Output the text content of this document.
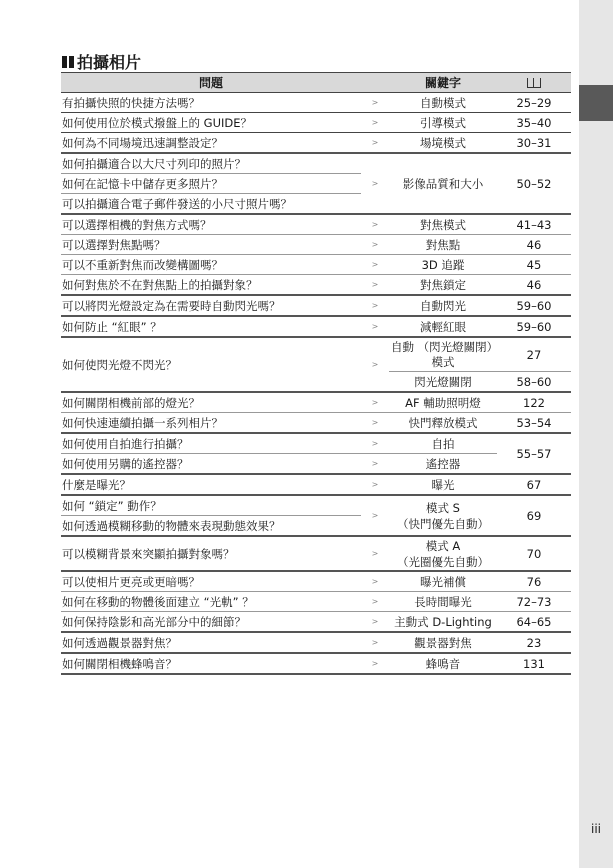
拍攝相片
問題		關鍵字	
有拍攝快照的快捷方法嗎？	>	自動模式	25–29
如何使用位於模式撥盤上的 GUIDE？	>	引導模式	35–40
如何為不同場境迅速調整設定？	>	場境模式	30–31
如何拍攝適合以大尺寸列印的照片？	>	影像品質和大小	50–52
如何在記憶卡中儲存更多照片？			
可以拍攝適合電子郵件發送的小尺寸照片嗎？			
可以選擇相機的對焦方式嗎？	>	對焦模式	41–43
可以選擇對焦點嗎？	>	對焦點	46
可以不重新對焦而改變構圖嗎？	>	3D 追蹤	45
如何對焦於不在對焦點上的拍攝對象？	>	對焦鎖定	46
可以將閃光燈設定為在需要時自動閃光嗎？	>	自動閃光	59–60
如何防止 “紅眼” ？	>	減輕紅眼	59–60
如何使閃光燈不閃光？	>	自動 （閃光燈關閉）
模式	27
		閃光燈關閉	58–60
如何關閉相機前部的燈光？	>	AF 輔助照明燈	122
如何快速連續拍攝一系列相片？	>	快門釋放模式	53–54
如何使用自拍進行拍攝？	>	自拍	55–57
如何使用另購的遙控器？	>	遙控器	
什麼是曝光？	>	曝光	67
如何 “鎖定” 動作？	>	模式 S
（快門優先自動）	69
如何透過模糊移動的物體來表現動態效果？			
可以模糊背景來突顯拍攝對象嗎？	>	模式 A
（光圈優先自動）	70
可以使相片更亮或更暗嗎？	>	曝光補償	76
如何在移動的物體後面建立 “光軌” ？	>	長時間曝光	72–73
如何保持陰影和高光部分中的細節？	>	主動式 D-Lighting	64–65
如何透過觀景器對焦？	>	觀景器對焦	23
如何關閉相機蜂鳴音？	>	蜂鳴音	131
iii
